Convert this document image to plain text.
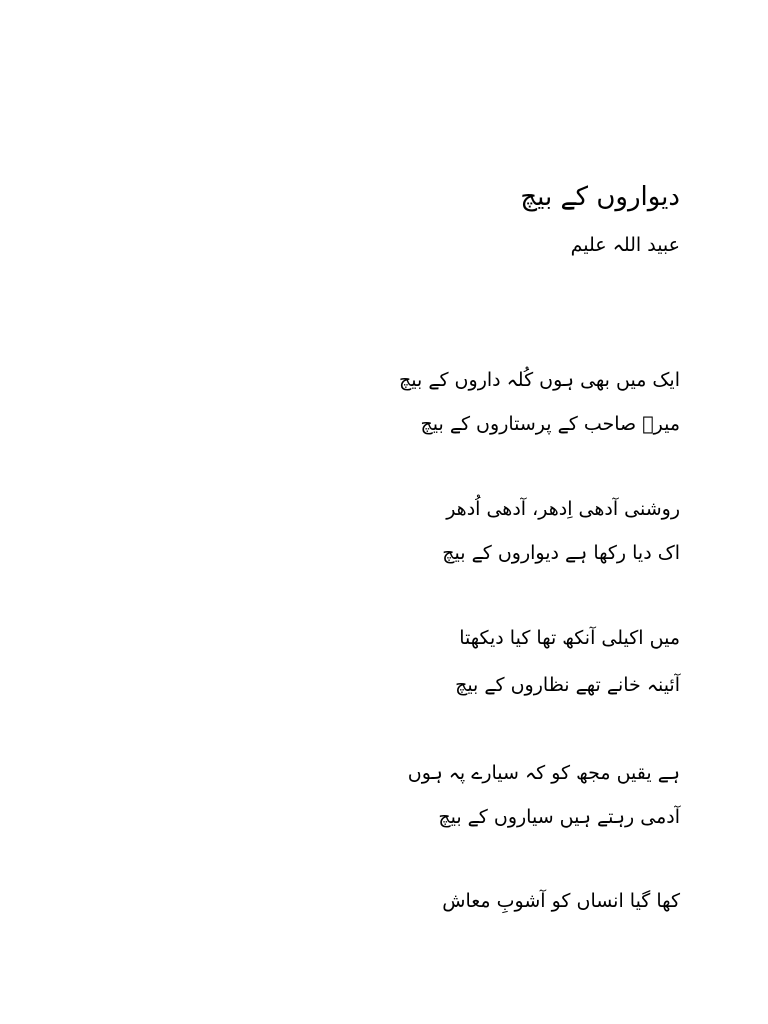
دیواروں کے بیچ
عبید اللہ علیم
ایک میں بھی ہوں کُلہ داروں کے بیچ
میرؔ صاحب کے پرستاروں کے بیچ
روشنی آدھی اِدھر، آدھی اُدھر
اک دیا رکھا ہے دیواروں کے بیچ
میں اکیلی آنکھ تھا کیا دیکھتا
آئینہ خانے تھے نظاروں کے بیچ
ہے یقیں مجھ کو کہ سیارے پہ ہوں
آدمی رہتے ہیں سیاروں کے بیچ
کھا گیا انساں کو آشوبِ معاش
